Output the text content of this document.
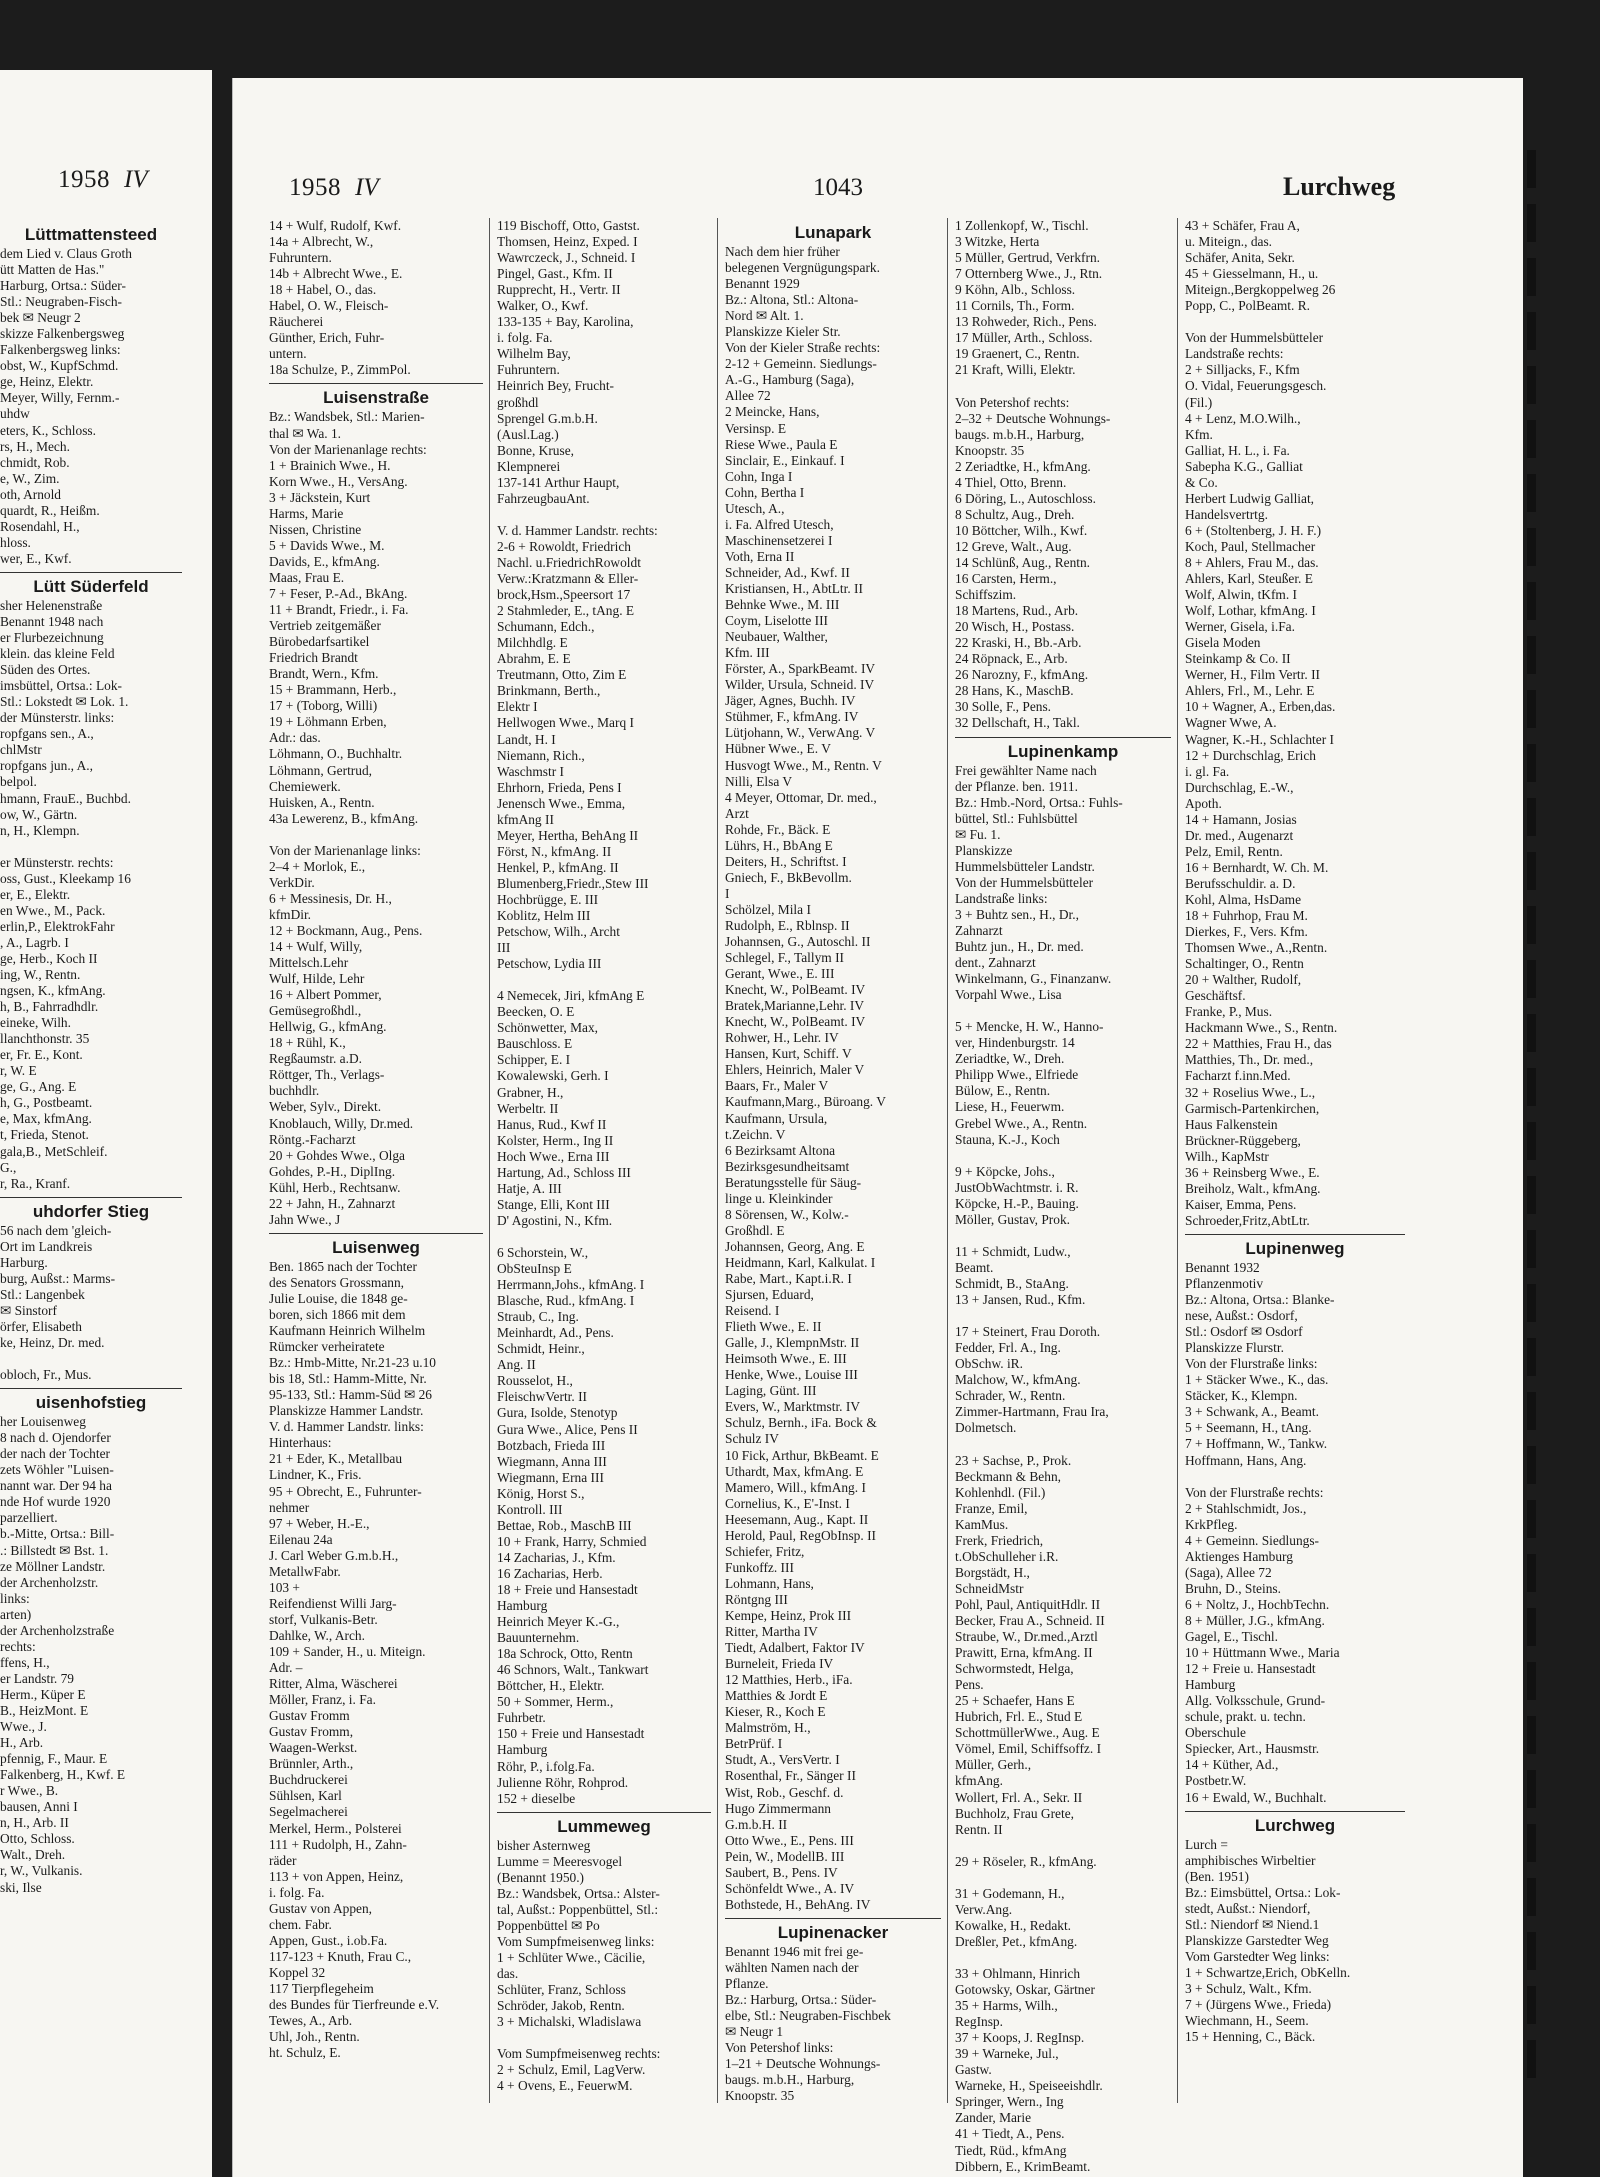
1958 IV
Lüttmattensteed
dem Lied v. Claus Groth
ütt Matten de Has."
Harburg, Ortsa.: Süder-
Stl.: Neugraben-Fisch-
bek ✉ Neugr 2
skizze Falkenbergsweg
Falkenbergsweg links:
obst, W., KupfSchmd.
ge, Heinz, Elektr.
Meyer, Willy, Fernm.-
uhdw
eters, K., Schloss.
rs, H., Mech.
chmidt, Rob.
e, W., Zim.
oth, Arnold
quardt, R., Heißm.
Rosendahl, H.,
hloss.
wer, E., Kwf.
Lütt Süderfeld
sher Helenenstraße
Benannt 1948 nach
er Flurbezeichnung
klein. das kleine Feld
Süden des Ortes.
imsbüttel, Ortsa.: Lok-
Stl.: Lokstedt ✉ Lok. 1.
der Münsterstr. links:
ropfgans sen., A.,
chlMstr
ropfgans jun., A.,
belpol.
hmann, FrauE., Buchbd.
ow, W., Gärtn.
n, H., Klempn.

er Münsterstr. rechts:
oss, Gust., Kleekamp 16
er, E., Elektr.
en Wwe., M., Pack.
erlin,P., ElektrokFahr
, A., Lagrb. I
ge, Herb., Koch II
ing, W., Rentn.
ngsen, K., kfmAng.
h, B., Fahrradhdlr.
eineke, Wilh.
llanchthonstr. 35
er, Fr. E., Kont.
r, W. E
ge, G., Ang. E
h, G., Postbeamt.
e, Max, kfmAng.
t, Frieda, Stenot.
gala,B., MetSchleif.
G.,
r, Ra., Kranf.
uhdorfer Stieg
56 nach dem 'gleich-
Ort im Landkreis
Harburg.
burg, Außst.: Marms-
Stl.: Langenbek
✉ Sinstorf
örfer, Elisabeth
ke, Heinz, Dr. med.

obloch, Fr., Mus.
uisenhofstieg
her Louisenweg
8 nach d. Ojendorfer
der nach der Tochter
zets Wöhler "Luisen-
nannt war. Der 94 ha
nde Hof wurde 1920
parzelliert.
b.-Mitte, Ortsa.: Bill-
.: Billstedt ✉ Bst. 1.
ze Möllner Landstr.
der Archenholzstr.
links:
arten)
der Archenholzstraße
rechts:
ffens, H.,
er Landstr. 79
Herm., Küper E
B., HeizMont. E
Wwe., J.
H., Arb.
pfennig, F., Maur. E
Falkenberg, H., Kwf. E
r Wwe., B.
bausen, Anni I
n, H., Arb. II
Otto, Schloss.
Walt., Dreh.
r, W., Vulkanis.
ski, Ilse
1958 IV	1043	Lurchweg
14 + Wulf, Rudolf, Kwf.
14a + Albrecht, W.,
Fuhruntern.
14b + Albrecht Wwe., E.
18 + Habel, O., das.
Habel, O. W., Fleisch-
Räucherei
Günther, Erich, Fuhr-
untern.
18a Schulze, P., ZimmPol.
Luisenstraße
Bz.: Wandsbek, Stl.: Marien-
thal ✉ Wa. 1.
Von der Marienanlage rechts:
1 + Brainich Wwe., H.
Korn Wwe., H., VersAng.
3 + Jäckstein, Kurt
Harms, Marie
Nissen, Christine
5 + Davids Wwe., M.
Davids, E., kfmAng.
Maas, Frau E.
7 + Feser, P.-Ad., BkAng.
11 + Brandt, Friedr., i. Fa.
Vertrieb zeitgemäßer
Bürobedarfsartikel
Friedrich Brandt
Brandt, Wern., Kfm.
15 + Brammann, Herb.,
17 + (Toborg, Willi)
19 + Löhmann Erben,
Adr.: das.
Löhmann, O., Buchhaltr.
Löhmann, Gertrud,
Chemiewerk.
Huisken, A., Rentn.
43a Lewerenz, B., kfmAng.

Von der Marienanlage links:
2–4 + Morlok, E.,
VerkDir.
6 + Messinesis, Dr. H.,
kfmDir.
12 + Bockmann, Aug., Pens.
14 + Wulf, Willy,
Mittelsch.Lehr
Wulf, Hilde, Lehr
16 + Albert Pommer,
Gemüsegroßhdl.,
Hellwig, G., kfmAng.
18 + Rühl, K.,
Regßaumstr. a.D.
Röttger, Th., Verlags-
buchhdlr.
Weber, Sylv., Direkt.
Knoblauch, Willy, Dr.med.
Röntg.-Facharzt
20 + Gohdes Wwe., Olga
Gohdes, P.-H., DiplIng.
Kühl, Herb., Rechtsanw.
22 + Jahn, H., Zahnarzt
Jahn Wwe., J
Luisenweg
Ben. 1865 nach der Tochter
des Senators Grossmann,
Julie Louise, die 1848 ge-
boren, sich 1866 mit dem
Kaufmann Heinrich Wilhelm
Rümcker verheiratete
Bz.: Hmb-Mitte, Nr.21-23 u.10
bis 18, Stl.: Hamm-Mitte, Nr.
95-133, Stl.: Hamm-Süd ✉ 26
Planskizze Hammer Landstr.
V. d. Hammer Landstr. links:
Hinterhaus:
21 + Eder, K., Metallbau
Lindner, K., Fris.
95 + Obrecht, E., Fuhrunter-
nehmer
97 + Weber, H.-E.,
Eilenau 24a
J. Carl Weber G.m.b.H.,
MetallwFabr.
103 +
Reifendienst Willi Jarg-
storf, Vulkanis-Betr.
Dahlke, W., Arch.
109 + Sander, H., u. Miteign.
Adr. –
Ritter, Alma, Wäscherei
Möller, Franz, i. Fa.
Gustav Fromm
Gustav Fromm,
Waagen-Werkst.
Brünnler, Arth.,
Buchdruckerei
Sühlsen, Karl
Segelmacherei
Merkel, Herm., Polsterei
111 + Rudolph, H., Zahn-
räder
113 + von Appen, Heinz,
i. folg. Fa.
Gustav von Appen,
chem. Fabr.
Appen, Gust., i.ob.Fa.
117-123 + Knuth, Frau C.,
Koppel 32
117 Tierpflegeheim
des Bundes für Tierfreunde e.V.
Tewes, A., Arb.
Uhl, Joh., Rentn.
ht. Schulz, E.
119 Bischoff, Otto, Gastst.
Thomsen, Heinz, Exped. I
Wawrczeck, J., Schneid. I
Pingel, Gast., Kfm. II
Rupprecht, H., Vertr. II
Walker, O., Kwf.
133-135 + Bay, Karolina,
i. folg. Fa.
Wilhelm Bay,
Fuhruntern.
Heinrich Bey, Frucht-
großhdl
Sprengel G.m.b.H.
(Ausl.Lag.)
Bonne, Kruse,
Klempnerei
137-141 Arthur Haupt,
FahrzeugbauAnt.

V. d. Hammer Landstr. rechts:
2-6 + Rowoldt, Friedrich
Nachl. u.FriedrichRowoldt
Verw.:Kratzmann & Eller-
brock,Hsm.,Speersort 17
2 Stahmleder, E., tAng. E
Schumann, Edch.,
Milchhdlg. E
Abrahm, E. E
Treutmann, Otto, Zim E
Brinkmann, Berth.,
Elektr I
Hellwogen Wwe., Marq I
Landt, H. I
Niemann, Rich.,
Waschmstr I
Ehrhorn, Frieda, Pens I
Jenensch Wwe., Emma,
kfmAng II
Meyer, Hertha, BehAng II
Först, N., kfmAng. II
Henkel, P., kfmAng. II
Blumenberg,Friedr.,Stew III
Hochbrügge, E. III
Koblitz, Helm III
Petschow, Wilh., Archt
III
Petschow, Lydia III

4 Nemecek, Jiri, kfmAng E
Beecken, O. E
Schönwetter, Max,
Bauschloss. E
Schipper, E. I
Kowalewski, Gerh. I
Grabner, H.,
Werbeltr. II
Hanus, Rud., Kwf II
Kolster, Herm., Ing II
Hoch Wwe., Erna III
Hartung, Ad., Schloss III
Hatje, A. III
Stange, Elli, Kont III
D' Agostini, N., Kfm.

6 Schorstein, W.,
ObSteuInsp E
Herrmann,Johs., kfmAng. I
Blasche, Rud., kfmAng. I
Straub, C., Ing.
Meinhardt, Ad., Pens.
Schmidt, Heinr.,
Ang. II
Rousselot, H.,
FleischwVertr. II
Gura, Isolde, Stenotyp
Gura Wwe., Alice, Pens II
Botzbach, Frieda III
Wiegmann, Anna III
Wiegmann, Erna III
König, Horst S.,
Kontroll. III
Bettae, Rob., MaschB III
10 + Frank, Harry, Schmied
14 Zacharias, J., Kfm.
16 Zacharias, Herb.
18 + Freie und Hansestadt
Hamburg
Heinrich Meyer K.-G.,
Bauunternehm.
18a Schrock, Otto, Rentn
46 Schnors, Walt., Tankwart
Böttcher, H., Elektr.
50 + Sommer, Herm.,
Fuhrbetr.
150 + Freie und Hansestadt
Hamburg
Röhr, P., i.folg.Fa.
Julienne Röhr, Rohprod.
152 + dieselbe
Lummeweg
bisher Asternweg
Lumme = Meeresvogel
(Benannt 1950.)
Bz.: Wandsbek, Ortsa.: Alster-
tal, Außst.: Poppenbüttel, Stl.:
Poppenbüttel ✉ Po
Vom Sumpfmeisenweg links:
1 + Schlüter Wwe., Cäcilie,
das.
Schlüter, Franz, Schloss
Schröder, Jakob, Rentn.
3 + Michalski, Wladislawa

Vom Sumpfmeisenweg rechts:
2 + Schulz, Emil, LagVerw.
4 + Ovens, E., FeuerwM.
Lunapark
Nach dem hier früher
belegenen Vergnügungspark.
Benannt 1929
Bz.: Altona, Stl.: Altona-
Nord ✉ Alt. 1.
Planskizze Kieler Str.
Von der Kieler Straße rechts:
2-12 + Gemeinn. Siedlungs-
A.-G., Hamburg (Saga),
Allee 72
2 Meincke, Hans,
Versinsp. E
Riese Wwe., Paula E
Sinclair, E., Einkauf. I
Cohn, Inga I
Cohn, Bertha I
Utesch, A.,
i. Fa. Alfred Utesch,
Maschinensetzerei I
Voth, Erna II
Schneider, Ad., Kwf. II
Kristiansen, H., AbtLtr. II
Behnke Wwe., M. III
Coym, Liselotte III
Neubauer, Walther,
Kfm. III
Förster, A., SparkBeamt. IV
Wilder, Ursula, Schneid. IV
Jäger, Agnes, Buchh. IV
Stühmer, F., kfmAng. IV
Lütjohann, W., VerwAng. V
Hübner Wwe., E. V
Husvogt Wwe., M., Rentn. V
Nilli, Elsa V
4 Meyer, Ottomar, Dr. med.,
Arzt
Rohde, Fr., Bäck. E
Lührs, H., BbAng E
Deiters, H., Schriftst. I
Gniech, F., BkBevollm.
I
Schölzel, Mila I
Rudolph, E., Rblnsp. II
Johannsen, G., Autoschl. II
Schlegel, F., Tallym II
Gerant, Wwe., E. III
Knecht, W., PolBeamt. IV
Bratek,Marianne,Lehr. IV
Knecht, W., PolBeamt. IV
Rohwer, H., Lehr. IV
Hansen, Kurt, Schiff. V
Ehlers, Heinrich, Maler V
Baars, Fr., Maler V
Kaufmann,Marg., Büroang. V
Kaufmann, Ursula,
t.Zeichn. V
6 Bezirksamt Altona
Bezirksgesundheitsamt
Beratungsstelle für Säug-
linge u. Kleinkinder
8 Sörensen, W., Kolw.-
Großhdl. E
Johannsen, Georg, Ang. E
Heidmann, Karl, Kalkulat. I
Rabe, Mart., Kapt.i.R. I
Sjursen, Eduard,
Reisend. I
Flieth Wwe., E. II
Galle, J., KlempnMstr. II
Heimsoth Wwe., E. III
Henke, Wwe., Louise III
Laging, Günt. III
Evers, W., Marktmstr. IV
Schulz, Bernh., iFa. Bock &
Schulz IV
10 Fick, Arthur, BkBeamt. E
Uthardt, Max, kfmAng. E
Mamero, Will., kfmAng. I
Cornelius, K., E'-Inst. I
Heesemann, Aug., Kapt. II
Herold, Paul, RegObInsp. II
Schiefer, Fritz,
Funkoffz. III
Lohmann, Hans,
Röntgng III
Kempe, Heinz, Prok III
Ritter, Martha IV
Tiedt, Adalbert, Faktor IV
Burneleit, Frieda IV
12 Matthies, Herb., iFa.
Matthies & Jordt E
Kieser, R., Koch E
Malmström, H.,
BetrPrüf. I
Studt, A., VersVertr. I
Rosenthal, Fr., Sänger II
Wist, Rob., Geschf. d.
Hugo Zimmermann
G.m.b.H. II
Otto Wwe., E., Pens. III
Pein, W., ModellB. III
Saubert, B., Pens. IV
Schönfeldt Wwe., A. IV
Bothstede, H., BehAng. IV
Lupinenacker
Benannt 1946 mit frei ge-
wählten Namen nach der
Pflanze.
Bz.: Harburg, Ortsa.: Süder-
elbe, Stl.: Neugraben-Fischbek
✉ Neugr 1
Von Petershof links:
1–21 + Deutsche Wohnungs-
baugs. m.b.H., Harburg,
Knoopstr. 35
1 Zollenkopf, W., Tischl.
3 Witzke, Herta
5 Müller, Gertrud, Verkfrn.
7 Otternberg Wwe., J., Rtn.
9 Köhn, Alb., Schloss.
11 Cornils, Th., Form.
13 Rohweder, Rich., Pens.
17 Müller, Arth., Schloss.
19 Graenert, C., Rentn.
21 Kraft, Willi, Elektr.

Von Petershof rechts:
2–32 + Deutsche Wohnungs-
baugs. m.b.H., Harburg,
Knoopstr. 35
2 Zeriadtke, H., kfmAng.
4 Thiel, Otto, Brenn.
6 Döring, L., Autoschloss.
8 Schultz, Aug., Dreh.
10 Böttcher, Wilh., Kwf.
12 Greve, Walt., Aug.
14 Schlünß, Aug., Rentn.
16 Carsten, Herm.,
Schiffszim.
18 Martens, Rud., Arb.
20 Wisch, H., Postass.
22 Kraski, H., Bb.-Arb.
24 Röpnack, E., Arb.
26 Narozny, F., kfmAng.
28 Hans, K., MaschB.
30 Solle, F., Pens.
32 Dellschaft, H., Takl.
Lupinenkamp
Frei gewählter Name nach
der Pflanze. ben. 1911.
Bz.: Hmb.-Nord, Ortsa.: Fuhls-
büttel, Stl.: Fuhlsbüttel
✉ Fu. 1.
Planskizze
Hummelsbütteler Landstr.
Von der Hummelsbütteler
Landstraße links:
3 + Buhtz sen., H., Dr.,
Zahnarzt
Buhtz jun., H., Dr. med.
dent., Zahnarzt
Winkelmann, G., Finanzanw.
Vorpahl Wwe., Lisa

5 + Mencke, H. W., Hanno-
ver, Hindenburgstr. 14
Zeriadtke, W., Dreh.
Philipp Wwe., Elfriede
Bülow, E., Rentn.
Liese, H., Feuerwm.
Grebel Wwe., A., Rentn.
Stauna, K.-J., Koch

9 + Köpcke, Johs.,
JustObWachtmstr. i. R.
Köpcke, H.-P., Bauing.
Möller, Gustav, Prok.

11 + Schmidt, Ludw.,
Beamt.
Schmidt, B., StaAng.
13 + Jansen, Rud., Kfm.

17 + Steinert, Frau Doroth.
Fedder, Frl. A., Ing.
ObSchw. iR.
Malchow, W., kfmAng.
Schrader, W., Rentn.
Zimmer-Hartmann, Frau Ira,
Dolmetsch.

23 + Sachse, P., Prok.
Beckmann & Behn,
Kohlenhdl. (Fil.)
Franze, Emil,
KamMus.
Frerk, Friedrich,
t.ObSchulleher i.R.
Borgstädt, H.,
SchneidMstr
Pohl, Paul, AntiquitHdlr. II
Becker, Frau A., Schneid. II
Straube, W., Dr.med.,Arztl
Prawitt, Erna, kfmAng. II
Schwormstedt, Helga,
Pens.
25 + Schaefer, Hans E
Hubrich, Frl. E., Stud E
SchottmüllerWwe., Aug. E
Vömel, Emil, Schiffsoffz. I
Müller, Gerh.,
kfmAng.
Wollert, Frl. A., Sekr. II
Buchholz, Frau Grete,
Rentn. II

29 + Röseler, R., kfmAng.

31 + Godemann, H.,
Verw.Ang.
Kowalke, H., Redakt.
Dreßler, Pet., kfmAng.

33 + Ohlmann, Hinrich
Gotowsky, Oskar, Gärtner
35 + Harms, Wilh.,
RegInsp.
37 + Koops, J. RegInsp.
39 + Warneke, Jul.,
Gastw.
Warneke, H., Speiseeishdlr.
Springer, Wern., Ing
Zander, Marie
41 + Tiedt, A., Pens.
Tiedt, Rüd., kfmAng
Dibbern, E., KrimBeamt.
43 + Schäfer, Frau A,
u. Miteign., das.
Schäfer, Anita, Sekr.
45 + Giesselmann, H., u.
Miteign.,Bergkoppelweg 26
Popp, C., PolBeamt. R.

Von der Hummelsbütteler
Landstraße rechts:
2 + Silljacks, F., Kfm
O. Vidal, Feuerungsgesch.
(Fil.)
4 + Lenz, M.O.Wilh.,
Kfm.
Galliat, H. L., i. Fa.
Sabepha K.G., Galliat
& Co.
Herbert Ludwig Galliat,
Handelsvertrtg.
6 + (Stoltenberg, J. H. F.)
Koch, Paul, Stellmacher
8 + Ahlers, Frau M., das.
Ahlers, Karl, Steußer. E
Wolf, Alwin, tKfm. I
Wolf, Lothar, kfmAng. I
Werner, Gisela, i.Fa.
Gisela Moden
Steinkamp & Co. II
Werner, H., Film Vertr. II
Ahlers, Frl., M., Lehr. E
10 + Wagner, A., Erben,das.
Wagner Wwe, A.
Wagner, K.-H., Schlachter I
12 + Durchschlag, Erich
i. gl. Fa.
Durchschlag, E.-W.,
Apoth.
14 + Hamann, Josias
Dr. med., Augenarzt
Pelz, Emil, Rentn.
16 + Bernhardt, W. Ch. M.
Berufsschuldir. a. D.
Kohl, Alma, HsDame
18 + Fuhrhop, Frau M.
Dierkes, F., Vers. Kfm.
Thomsen Wwe., A.,Rentn.
Schaltinger, O., Rentn
20 + Walther, Rudolf,
Geschäftsf.
Franke, P., Mus.
Hackmann Wwe., S., Rentn.
22 + Matthies, Frau H., das
Matthies, Th., Dr. med.,
Facharzt f.inn.Med.
32 + Roselius Wwe., L.,
Garmisch-Partenkirchen,
Haus Falkenstein
Brückner-Rüggeberg,
Wilh., KapMstr
36 + Reinsberg Wwe., E.
Breiholz, Walt., kfmAng.
Kaiser, Emma, Pens.
Schroeder,Fritz,AbtLtr.
Lupinenweg
Benannt 1932
Pflanzenmotiv
Bz.: Altona, Ortsa.: Blanke-
nese, Außst.: Osdorf,
Stl.: Osdorf ✉ Osdorf
Planskizze Flurstr.
Von der Flurstraße links:
1 + Stäcker Wwe., K., das.
Stäcker, K., Klempn.
3 + Schwank, A., Beamt.
5 + Seemann, H., tAng.
7 + Hoffmann, W., Tankw.
Hoffmann, Hans, Ang.

Von der Flurstraße rechts:
2 + Stahlschmidt, Jos.,
KrkPfleg.
4 + Gemeinn. Siedlungs-
Aktienges Hamburg
(Saga), Allee 72
Bruhn, D., Steins.
6 + Noltz, J., HochbTechn.
8 + Müller, J.G., kfmAng.
Gagel, E., Tischl.
10 + Hüttmann Wwe., Maria
12 + Freie u. Hansestadt
Hamburg
Allg. Volksschule, Grund-
schule, prakt. u. techn.
Oberschule
Spiecker, Art., Hausmstr.
14 + Küther, Ad.,
Postbetr.W.
16 + Ewald, W., Buchhalt.
Lurchweg
Lurch =
amphibisches Wirbeltier
(Ben. 1951)
Bz.: Eimsbüttel, Ortsa.: Lok-
stedt, Außst.: Niendorf,
Stl.: Niendorf ✉ Niend.1
Planskizze Garstedter Weg
Vom Garstedter Weg links:
1 + Schwartze,Erich, ObKelln.
3 + Schulz, Walt., Kfm.
7 + (Jürgens Wwe., Frieda)
Wiechmann, H., Seem.
15 + Henning, C., Bäck.
